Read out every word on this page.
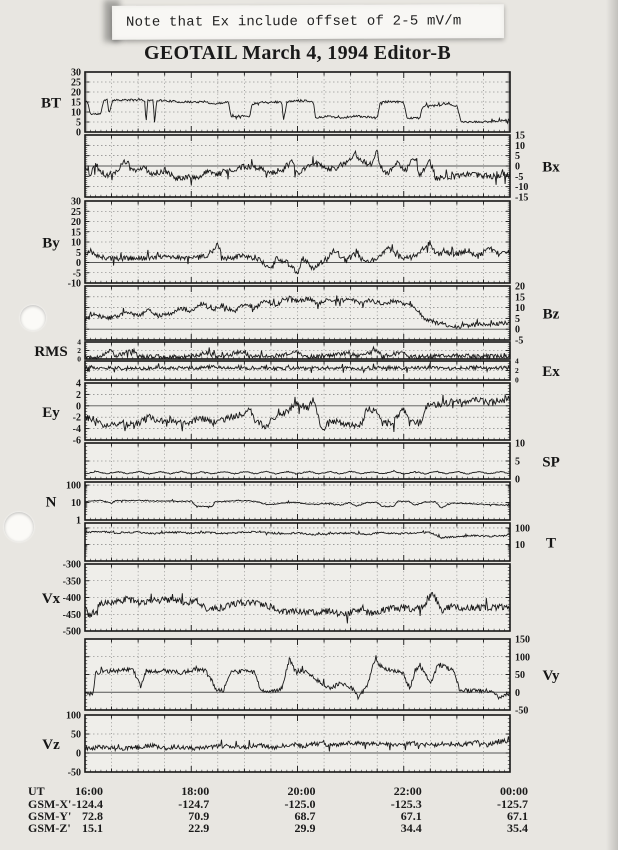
Note that Ex include offset of 2-5 mV/m
GEOTAIL March 4, 1994 Editor-B
0
5
10
15
20
25
30
BT
-15
-10
-5
0
5
10
15
Bx
-10
-5
0
5
10
15
20
25
30
By
-5
0
5
10
15
20
Bz
0
2
4
RMS
0
2
4
Ex
-6
-4
-2
0
2
4
Ey
0
5
10
SP
1
10
100
N
10
100
T
-500
-450
-400
-350
-300
Vx
-50
0
50
100
150
Vy
-50
0
50
100
Vz
UT	16:00	18:00	20:00	22:00	00:00
GSM-X' -124.4	-124.7	-125.0	-125.3	-125.7
GSM-Y' 72.8	70.9	68.7	67.1	67.1
GSM-Z' 15.1	22.9	29.9	34.4	35.4
